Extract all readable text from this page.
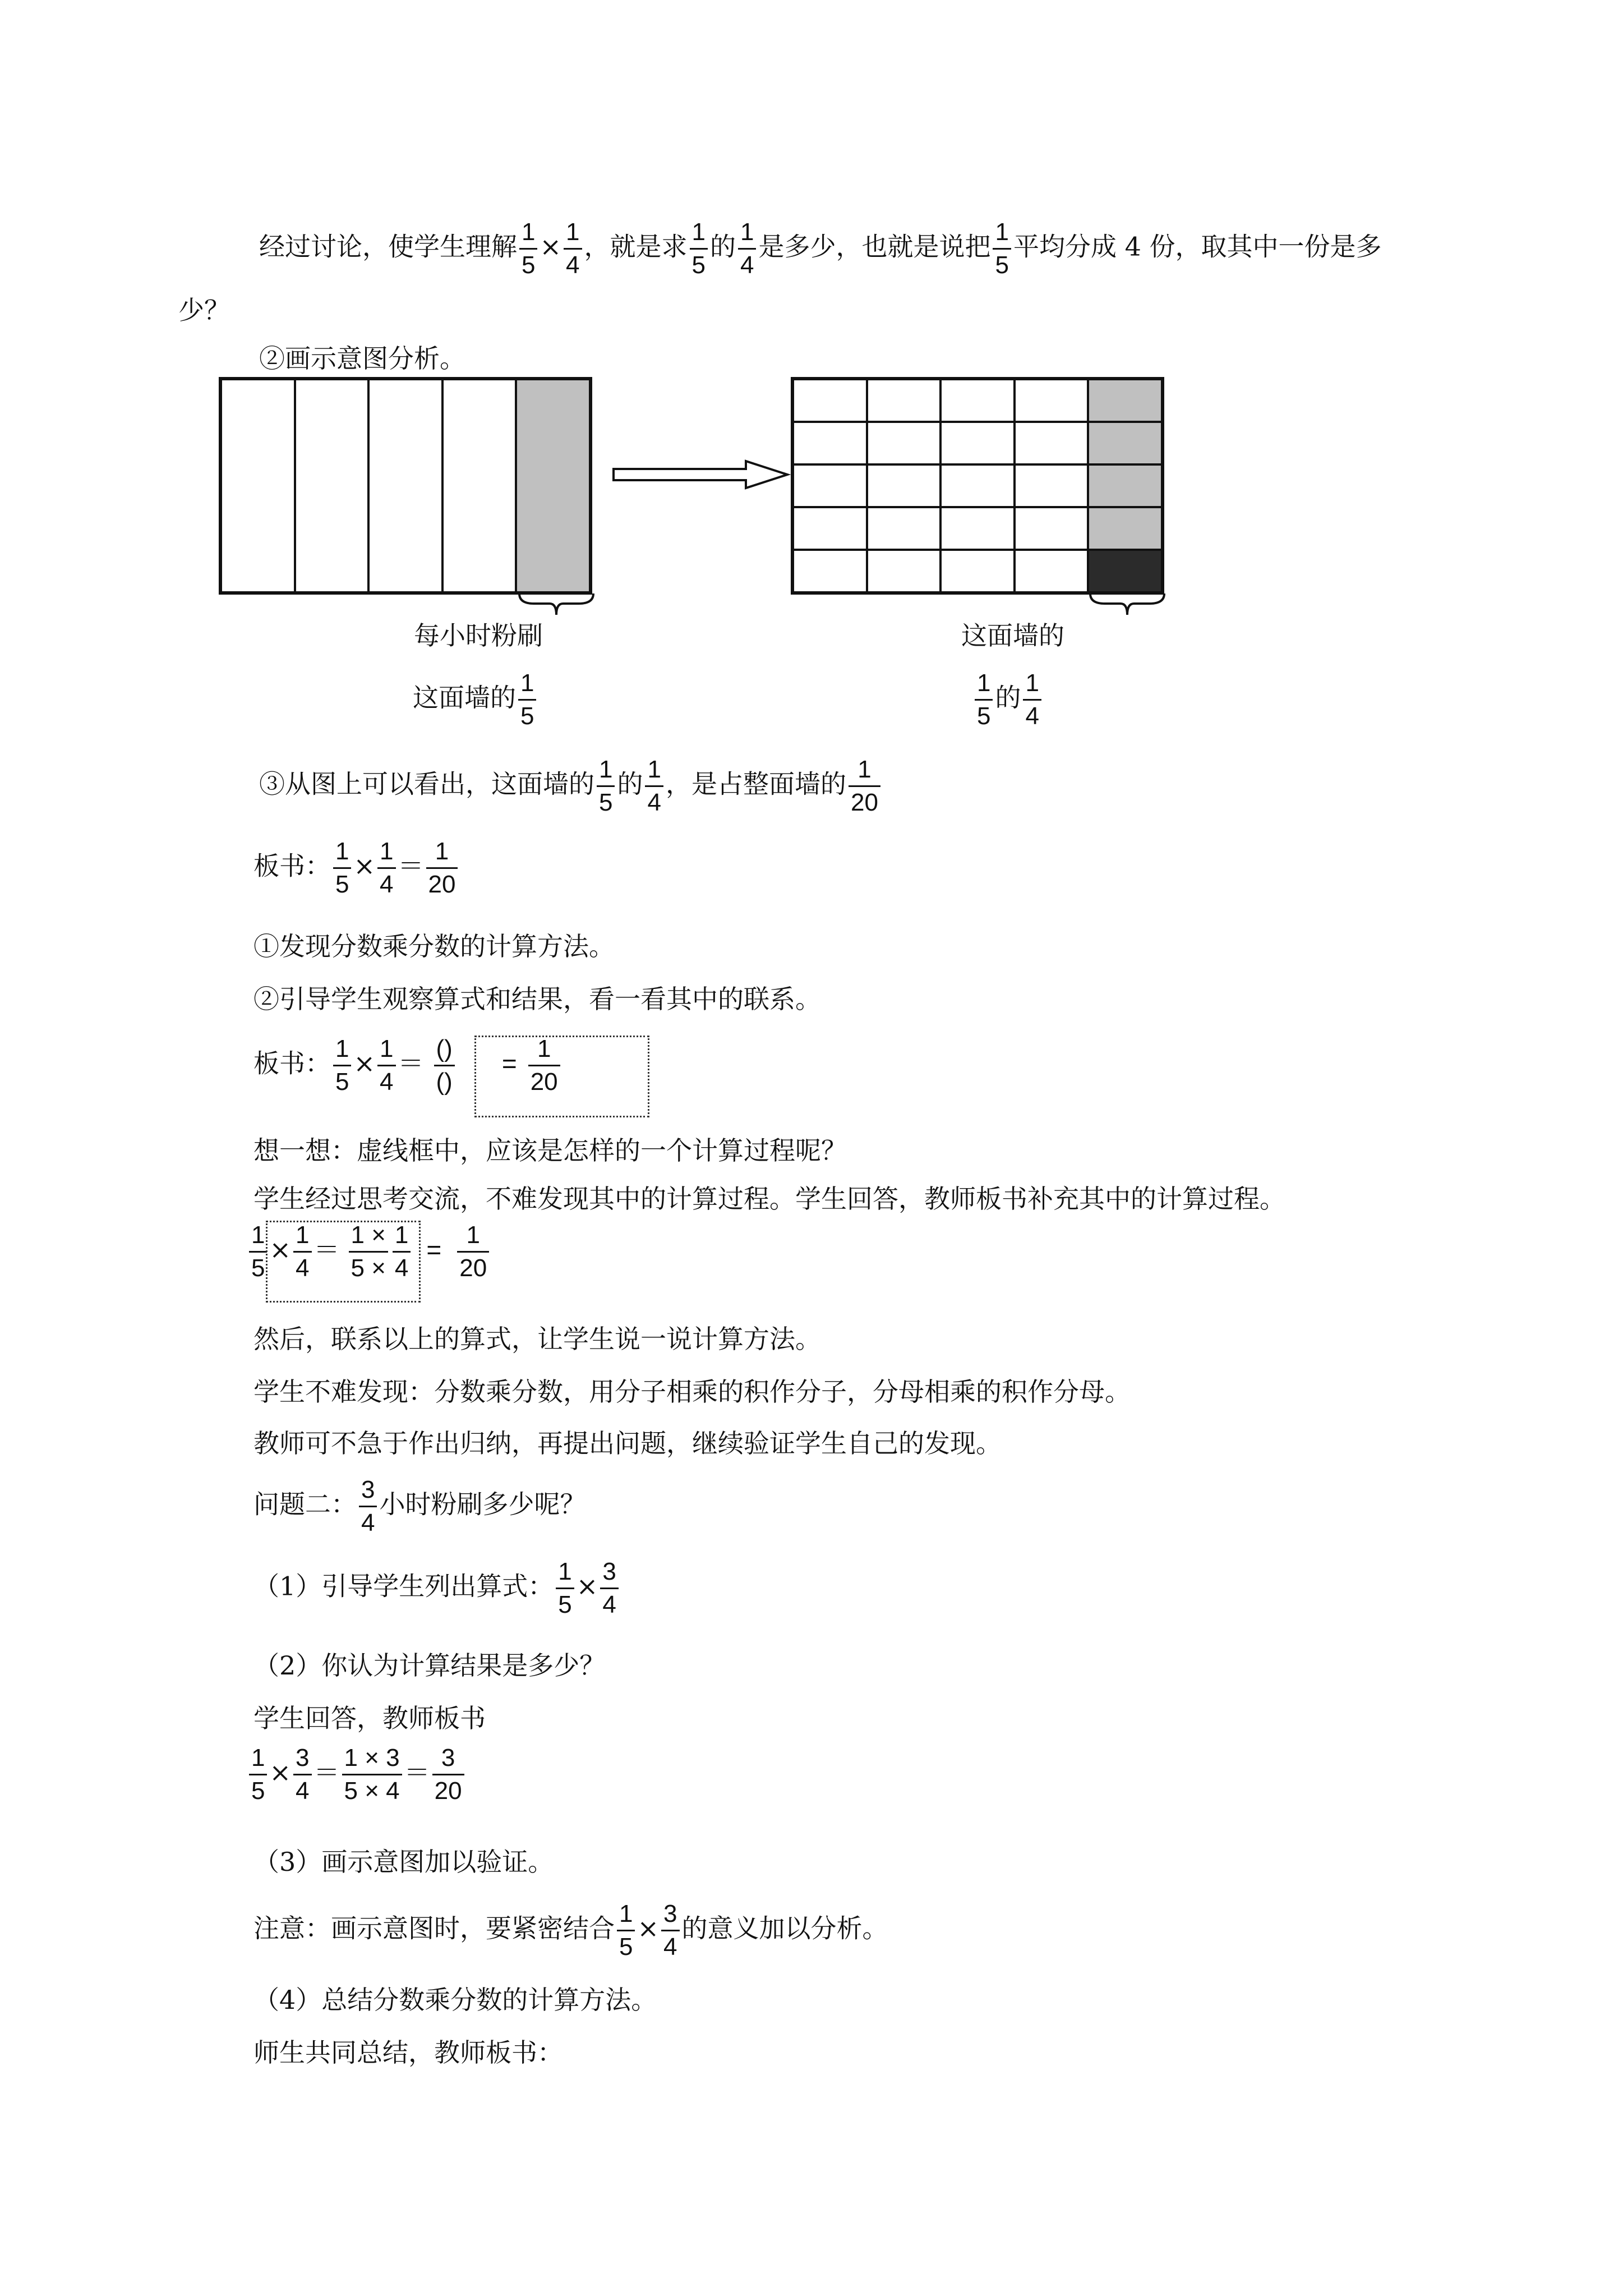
经过讨论，使学生理解 $\frac{1}{5} \times \frac{1}{4}$ ，就是求 $\frac{1}{5}$ 的 $\frac{1}{4}$ 是多少，也就是说把 $\frac{1}{5}$ 平均分成 4 份，取其中一份是多
少？
②画示意图分析。
每小时粉刷
这面墙的 $\frac{1}{5}$
这面墙的
$\frac{1}{5}$ 的 $\frac{1}{4}$
③从图上可以看出，这面墙的 $\frac{1}{5}$ 的 $\frac{1}{4}$ ，是占整面墙的 $\frac{1}{20}$
板书： $\frac{1}{5} \times \frac{1}{4} = \frac{1}{20}$
①发现分数乘分数的计算方法。
②引导学生观察算式和结果，看一看其中的联系。
板书： $\frac{1}{5} \times \frac{1}{4} = \frac{()}{()} = \frac{1}{20}$
想一想：虚线框中，应该是怎样的一个计算过程呢？
学生经过思考交流，不难发现其中的计算过程。学生回答，教师板书补充其中的计算过程。
$\frac{1}{5} \times \frac{1}{4} = \frac{1 \times}{5 \times} \frac{1}{4} = \frac{1}{20}$
然后，联系以上的算式，让学生说一说计算方法。
学生不难发现：分数乘分数，用分子相乘的积作分子，分母相乘的积作分母。
教师可不急于作出归纳，再提出问题，继续验证学生自己的发现。
问题二： $\frac{3}{4}$ 小时粉刷多少呢？
（1）引导学生列出算式： $\frac{1}{5} \times \frac{3}{4}$
（2）你认为计算结果是多少？
学生回答，教师板书
$\frac{1}{5} \times \frac{3}{4} = \frac{1 \times 3}{5 \times 4} = \frac{3}{20}$
（3）画示意图加以验证。
注意：画示意图时，要紧密结合 $\frac{1}{5} \times \frac{3}{4}$ 的意义加以分析。
（4）总结分数乘分数的计算方法。
师生共同总结，教师板书：
